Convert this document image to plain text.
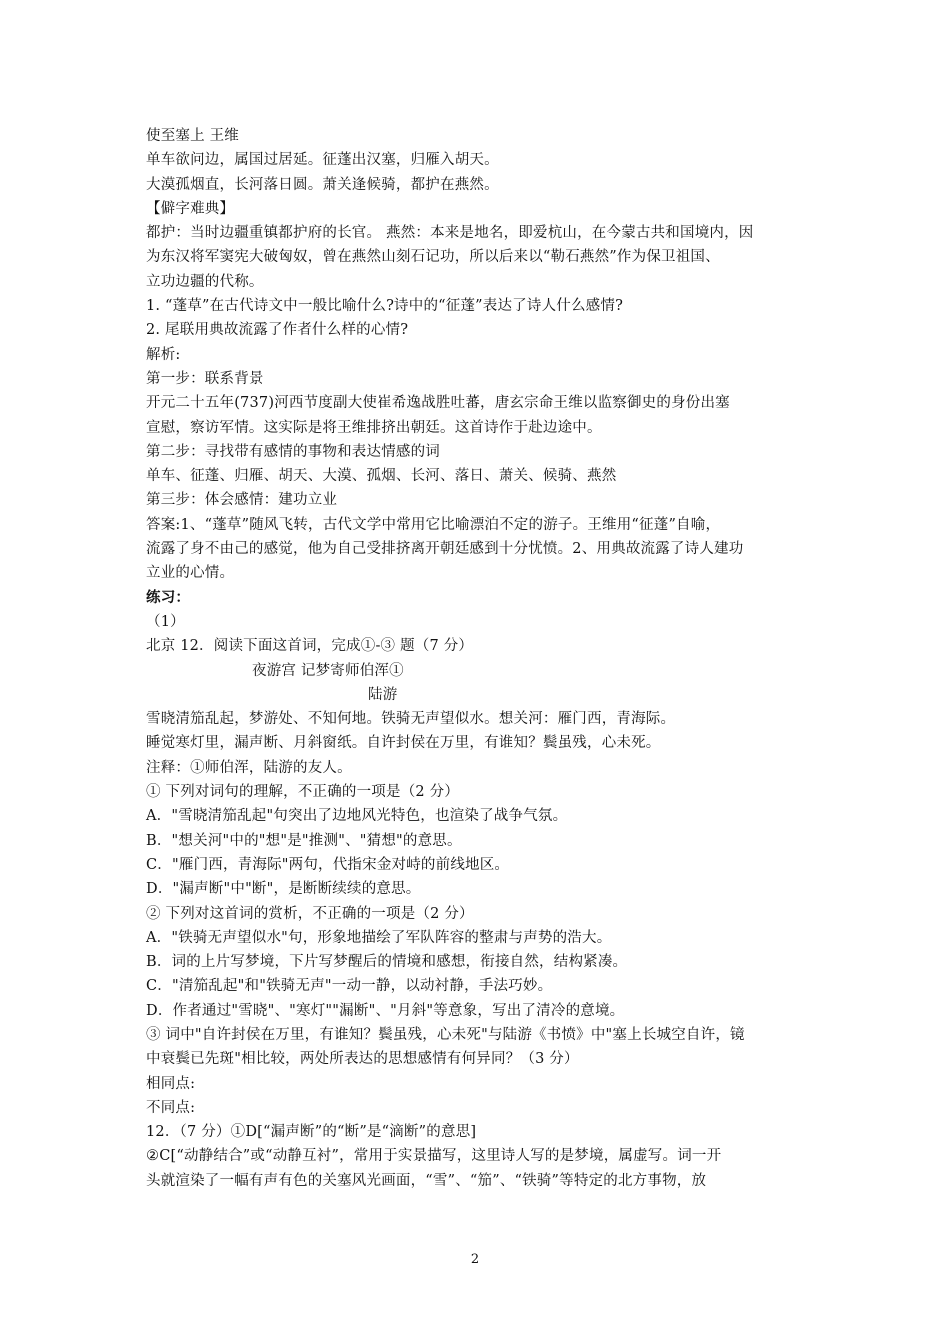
使至塞上 王维
单车欲问边，属国过居延。征蓬出汉塞，归雁入胡天。
大漠孤烟直，长河落日圆。萧关逢候骑，都护在燕然。
【僻字难典】
都护：当时边疆重镇都护府的长官。 燕然：本来是地名，即爱杭山，在今蒙古共和国境内，因
为东汉将军窦宪大破匈奴，曾在燕然山刻石记功，所以后来以“勒石燕然”作为保卫祖国、
立功边疆的代称。
1. “蓬草”在古代诗文中一般比喻什么?诗中的“征蓬”表达了诗人什么感情?
2. 尾联用典故流露了作者什么样的心情?
解析:
第一步：联系背景
开元二十五年(737)河西节度副大使崔希逸战胜吐蕃，唐玄宗命王维以监察御史的身份出塞
宣慰，察访军情。这实际是将王维排挤出朝廷。这首诗作于赴边途中。
第二步：寻找带有感情的事物和表达情感的词
单车、征蓬、归雁、胡天、大漠、孤烟、长河、落日、萧关、候骑、燕然
第三步：体会感情：建功立业
答案:1、“蓬草”随风飞转，古代文学中常用它比喻漂泊不定的游子。王维用“征蓬”自喻，
流露了身不由己的感觉，他为自己受排挤离开朝廷感到十分忧愤。2、用典故流露了诗人建功
立业的心情。
练习：
（1）
北京 12．阅读下面这首词，完成①-③ 题（7 分）
夜游宫 记梦寄师伯浑①
陆游
雪晓清笳乱起，梦游处、不知何地。铁骑无声望似水。想关河：雁门西，青海际。
睡觉寒灯里，漏声断、月斜窗纸。自许封侯在万里，有谁知？鬓虽残，心未死。
注释：①师伯浑，陆游的友人。
① 下列对词句的理解，不正确的一项是（2 分）
A．"雪晓清笳乱起"句突出了边地风光特色，也渲染了战争气氛。
B．"想关河"中的"想"是"推测"、"猜想"的意思。
C．"雁门西，青海际"两句，代指宋金对峙的前线地区。
D．"漏声断"中"断"，是断断续续的意思。
② 下列对这首词的赏析，不正确的一项是（2 分）
A．"铁骑无声望似水"句，形象地描绘了军队阵容的整肃与声势的浩大。
B．词的上片写梦境，下片写梦醒后的情境和感想，衔接自然，结构紧凑。
C．"清笳乱起"和"铁骑无声"一动一静，以动衬静，手法巧妙。
D．作者通过"雪晓"、"寒灯""漏断"、"月斜"等意象，写出了清冷的意境。
③ 词中"自许封侯在万里，有谁知？鬓虽残，心未死"与陆游《书愤》中"塞上长城空自许，镜
中衰鬓已先斑"相比较，两处所表达的思想感情有何异同？（3 分）
相同点:
不同点:
12．（7 分）①D[“漏声断”的“断”是“滴断”的意思]
②C[“动静结合”或“动静互衬”，常用于实景描写，这里诗人写的是梦境，属虚写。词一开
头就渲染了一幅有声有色的关塞风光画面，“雪”、“笳”、“铁骑”等特定的北方事物，放
2
